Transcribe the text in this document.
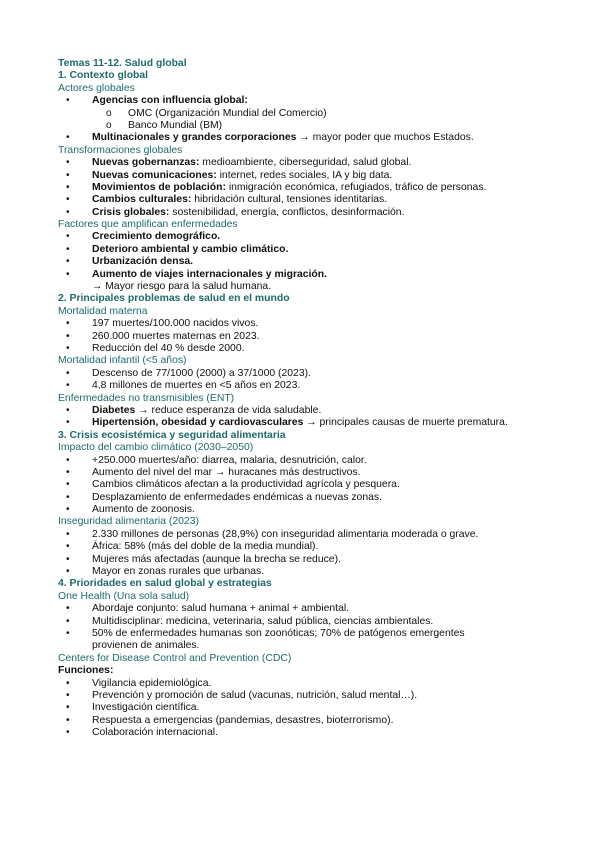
Temas 11-12. Salud global
1. Contexto global
Actores globales
•	Agencias con influencia global:
o OMC (Organización Mundial del Comercio)
o Banco Mundial (BM)
•	Multinacionales y grandes corporaciones → mayor poder que muchos Estados.
Transformaciones globales
•	Nuevas gobernanzas: medioambiente, ciberseguridad, salud global.
•	Nuevas comunicaciones: internet, redes sociales, IA y big data.
•	Movimientos de población: inmigración económica, refugiados, tráfico de personas.
•	Cambios culturales: hibridación cultural, tensiones identitarias.
•	Crisis globales: sostenibilidad, energía, conflictos, desinformación.
Factores que amplifican enfermedades
•	Crecimiento demográfico.
•	Deterioro ambiental y cambio climático.
•	Urbanización densa.
•	Aumento de viajes internacionales y migración.
→ Mayor riesgo para la salud humana.
2. Principales problemas de salud en el mundo
Mortalidad materna
•	197 muertes/100.000 nacidos vivos.
•	260.000 muertes maternas en 2023.
•	Reducción del 40 % desde 2000.
Mortalidad infantil (<5 años)
•	Descenso de 77/1000 (2000) a 37/1000 (2023).
•	4,8 millones de muertes en <5 años en 2023.
Enfermedades no transmisibles (ENT)
•	Diabetes → reduce esperanza de vida saludable.
•	Hipertensión, obesidad y cardiovasculares → principales causas de muerte prematura.
3. Crisis ecosistémica y seguridad alimentaria
Impacto del cambio climático (2030–2050)
•	+250.000 muertes/año: diarrea, malaria, desnutrición, calor.
•	Aumento del nivel del mar → huracanes más destructivos.
•	Cambios climáticos afectan a la productividad agrícola y pesquera.
•	Desplazamiento de enfermedades endémicas a nuevas zonas.
•	Aumento de zoonosis.
Inseguridad alimentaria (2023)
•	2.330 millones de personas (28,9%) con inseguridad alimentaria moderada o grave.
•	África: 58% (más del doble de la media mundial).
•	Mujeres más afectadas (aunque la brecha se reduce).
•	Mayor en zonas rurales que urbanas.
4. Prioridades en salud global y estrategias
One Health (Una sola salud)
•	Abordaje conjunto: salud humana + animal + ambiental.
•	Multidisciplinar: medicina, veterinaria, salud pública, ciencias ambientales.
•	50% de enfermedades humanas son zoonóticas; 70% de patógenos emergentes
provienen de animales.
Centers for Disease Control and Prevention (CDC)
Funciones:
•	Vigilancia epidemiológica.
•	Prevención y promoción de salud (vacunas, nutrición, salud mental…).
•	Investigación científica.
•	Respuesta a emergencias (pandemias, desastres, bioterrorismo).
•	Colaboración internacional.
